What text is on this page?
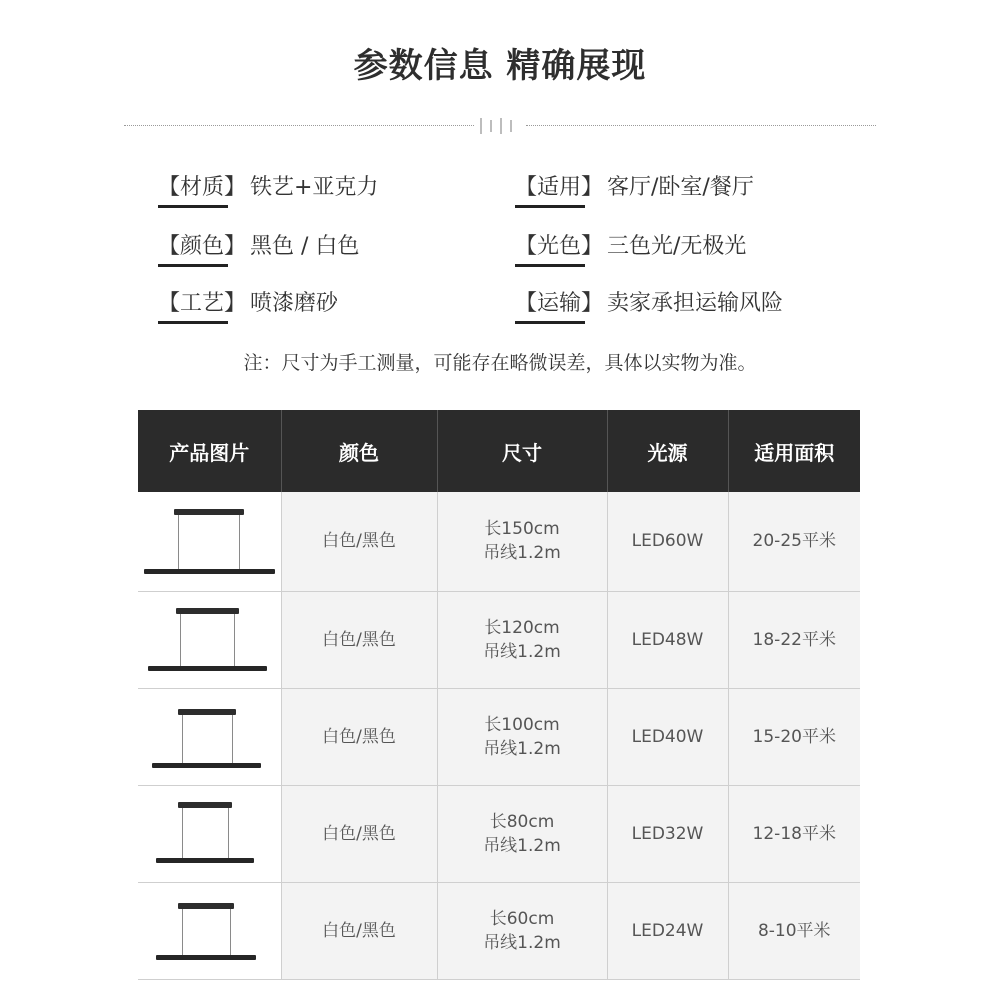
参数信息 精确展现
【材质】 铁艺+亚克力	【适用】 客厅/卧室/餐厅
【颜色】 黑色 / 白色	【光色】 三色光/无极光
【工艺】 喷漆磨砂	【运输】 卖家承担运输风险
注：尺寸为手工测量，可能存在略微误差，具体以实物为准。
产品图片	颜色	尺寸	光源	适用面积

	白色/黑色	长150cm
吊线1.2m	LED60W	20-25平米

	白色/黑色	长120cm
吊线1.2m	LED48W	18-22平米

	白色/黑色	长100cm
吊线1.2m	LED40W	15-20平米

	白色/黑色	长80cm
吊线1.2m	LED32W	12-18平米

	白色/黑色	长60cm
吊线1.2m	LED24W	8-10平米
